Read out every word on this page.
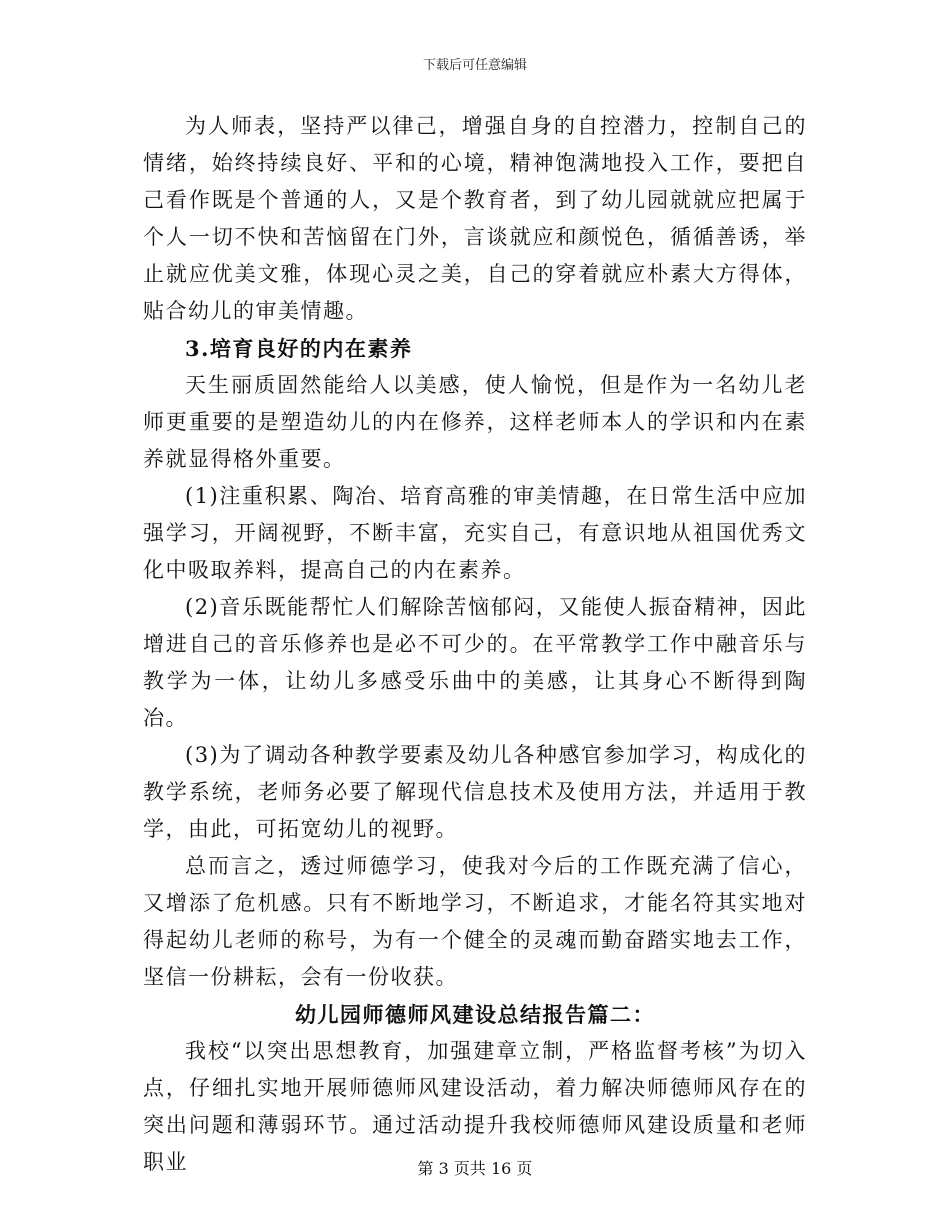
下载后可任意编辑

为人师表，坚持严以律己，增强自身的自控潜力，控制自己的情绪，始终持续良好、平和的心境，精神饱满地投入工作，要把自己看作既是个普通的人，又是个教育者，到了幼儿园就就应把属于个人一切不快和苦恼留在门外，言谈就应和颜悦色，循循善诱，举止就应优美文雅，体现心灵之美，自己的穿着就应朴素大方得体，贴合幼儿的审美情趣。

3.培育良好的内在素养

天生丽质固然能给人以美感，使人愉悦，但是作为一名幼儿老师更重要的是塑造幼儿的内在修养，这样老师本人的学识和内在素养就显得格外重要。

(1)注重积累、陶冶、培育高雅的审美情趣，在日常生活中应加强学习，开阔视野，不断丰富，充实自己，有意识地从祖国优秀文化中吸取养料，提高自己的内在素养。

(2)音乐既能帮忙人们解除苦恼郁闷，又能使人振奋精神，因此增进自己的音乐修养也是必不可少的。在平常教学工作中融音乐与教学为一体，让幼儿多感受乐曲中的美感，让其身心不断得到陶冶。

(3)为了调动各种教学要素及幼儿各种感官参加学习，构成化的教学系统，老师务必要了解现代信息技术及使用方法，并适用于教学，由此，可拓宽幼儿的视野。

总而言之，透过师德学习，使我对今后的工作既充满了信心，又增添了危机感。只有不断地学习，不断追求，才能名符其实地对得起幼儿老师的称号，为有一个健全的灵魂而勤奋踏实地去工作，坚信一份耕耘，会有一份收获。

幼儿园师德师风建设总结报告篇二：

我校“以突出思想教育，加强建章立制，严格监督考核”为切入点，仔细扎实地开展师德师风建设活动，着力解决师德师风存在的突出问题和薄弱环节。通过活动提升我校师德师风建设质量和老师职业	第 3 页共 16 页
